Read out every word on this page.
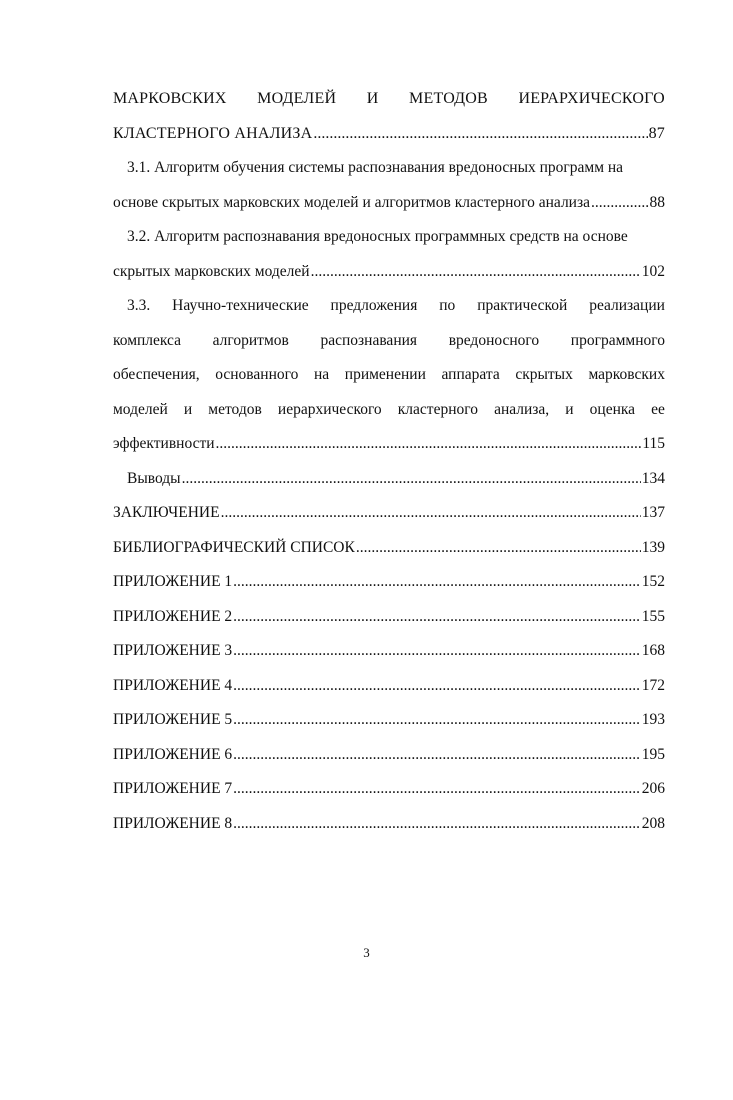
МАРКОВСКИХ МОДЕЛЕЙ И МЕТОДОВ ИЕРАРХИЧЕСКОГО
КЛАСТЕРНОГО АНАЛИЗА .....	87
3.1. Алгоритм обучения системы распознавания вредоносных программ на
основе скрытых марковских моделей и алгоритмов кластерного анализа .....	88
3.2. Алгоритм распознавания вредоносных программных средств на основе
скрытых марковских моделей .....	102
3.3. Научно-технические предложения по практической реализации
комплекса алгоритмов распознавания вредоносного программного
обеспечения, основанного на применении аппарата скрытых марковских
моделей и методов иерархического кластерного анализа, и оценка ее
эффективности .....	115
Выводы .....	134
ЗАКЛЮЧЕНИЕ .....	137
БИБЛИОГРАФИЧЕСКИЙ СПИСОК .....	139
ПРИЛОЖЕНИЕ 1 .....	152
ПРИЛОЖЕНИЕ 2 .....	155
ПРИЛОЖЕНИЕ 3 .....	168
ПРИЛОЖЕНИЕ 4 .....	172
ПРИЛОЖЕНИЕ 5 .....	193
ПРИЛОЖЕНИЕ 6 .....	195
ПРИЛОЖЕНИЕ 7 .....	206
ПРИЛОЖЕНИЕ 8 .....	208
3
